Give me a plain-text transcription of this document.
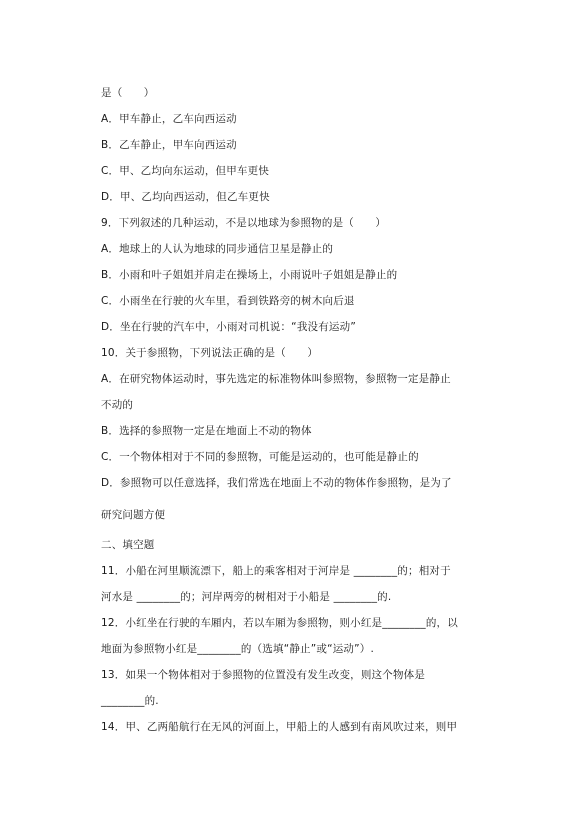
是（　　）
A．甲车静止，乙车向西运动
B．乙车静止，甲车向西运动
C．甲、乙均向东运动，但甲车更快
D．甲、乙均向西运动，但乙车更快
9．下列叙述的几种运动，不是以地球为参照物的是（　　）
A．地球上的人认为地球的同步通信卫星是静止的
B．小雨和叶子姐姐并肩走在操场上，小雨说叶子姐姐是静止的
C．小雨坐在行驶的火车里，看到铁路旁的树木向后退
D．坐在行驶的汽车中，小雨对司机说：“我没有运动”
10．关于参照物，下列说法正确的是（　　）
A．在研究物体运动时，事先选定的标准物体叫参照物，参照物一定是静止
不动的
B．选择的参照物一定是在地面上不动的物体
C．一个物体相对于不同的参照物，可能是运动的，也可能是静止的
D．参照物可以任意选择，我们常选在地面上不动的物体作参照物，是为了
研究问题方便
二、填空题
11．小船在河里顺流漂下，船上的乘客相对于河岸是 ________的；相对于
河水是 ________的；河岸两旁的树相对于小船是 ________的.
12．小红坐在行驶的车厢内，若以车厢为参照物，则小红是________的，以
地面为参照物小红是________的（选填“静止”或“运动”）.
13．如果一个物体相对于参照物的位置没有发生改变，则这个物体是
________的.
14．甲、乙两船航行在无风的河面上，甲船上的人感到有南风吹过来，则甲
